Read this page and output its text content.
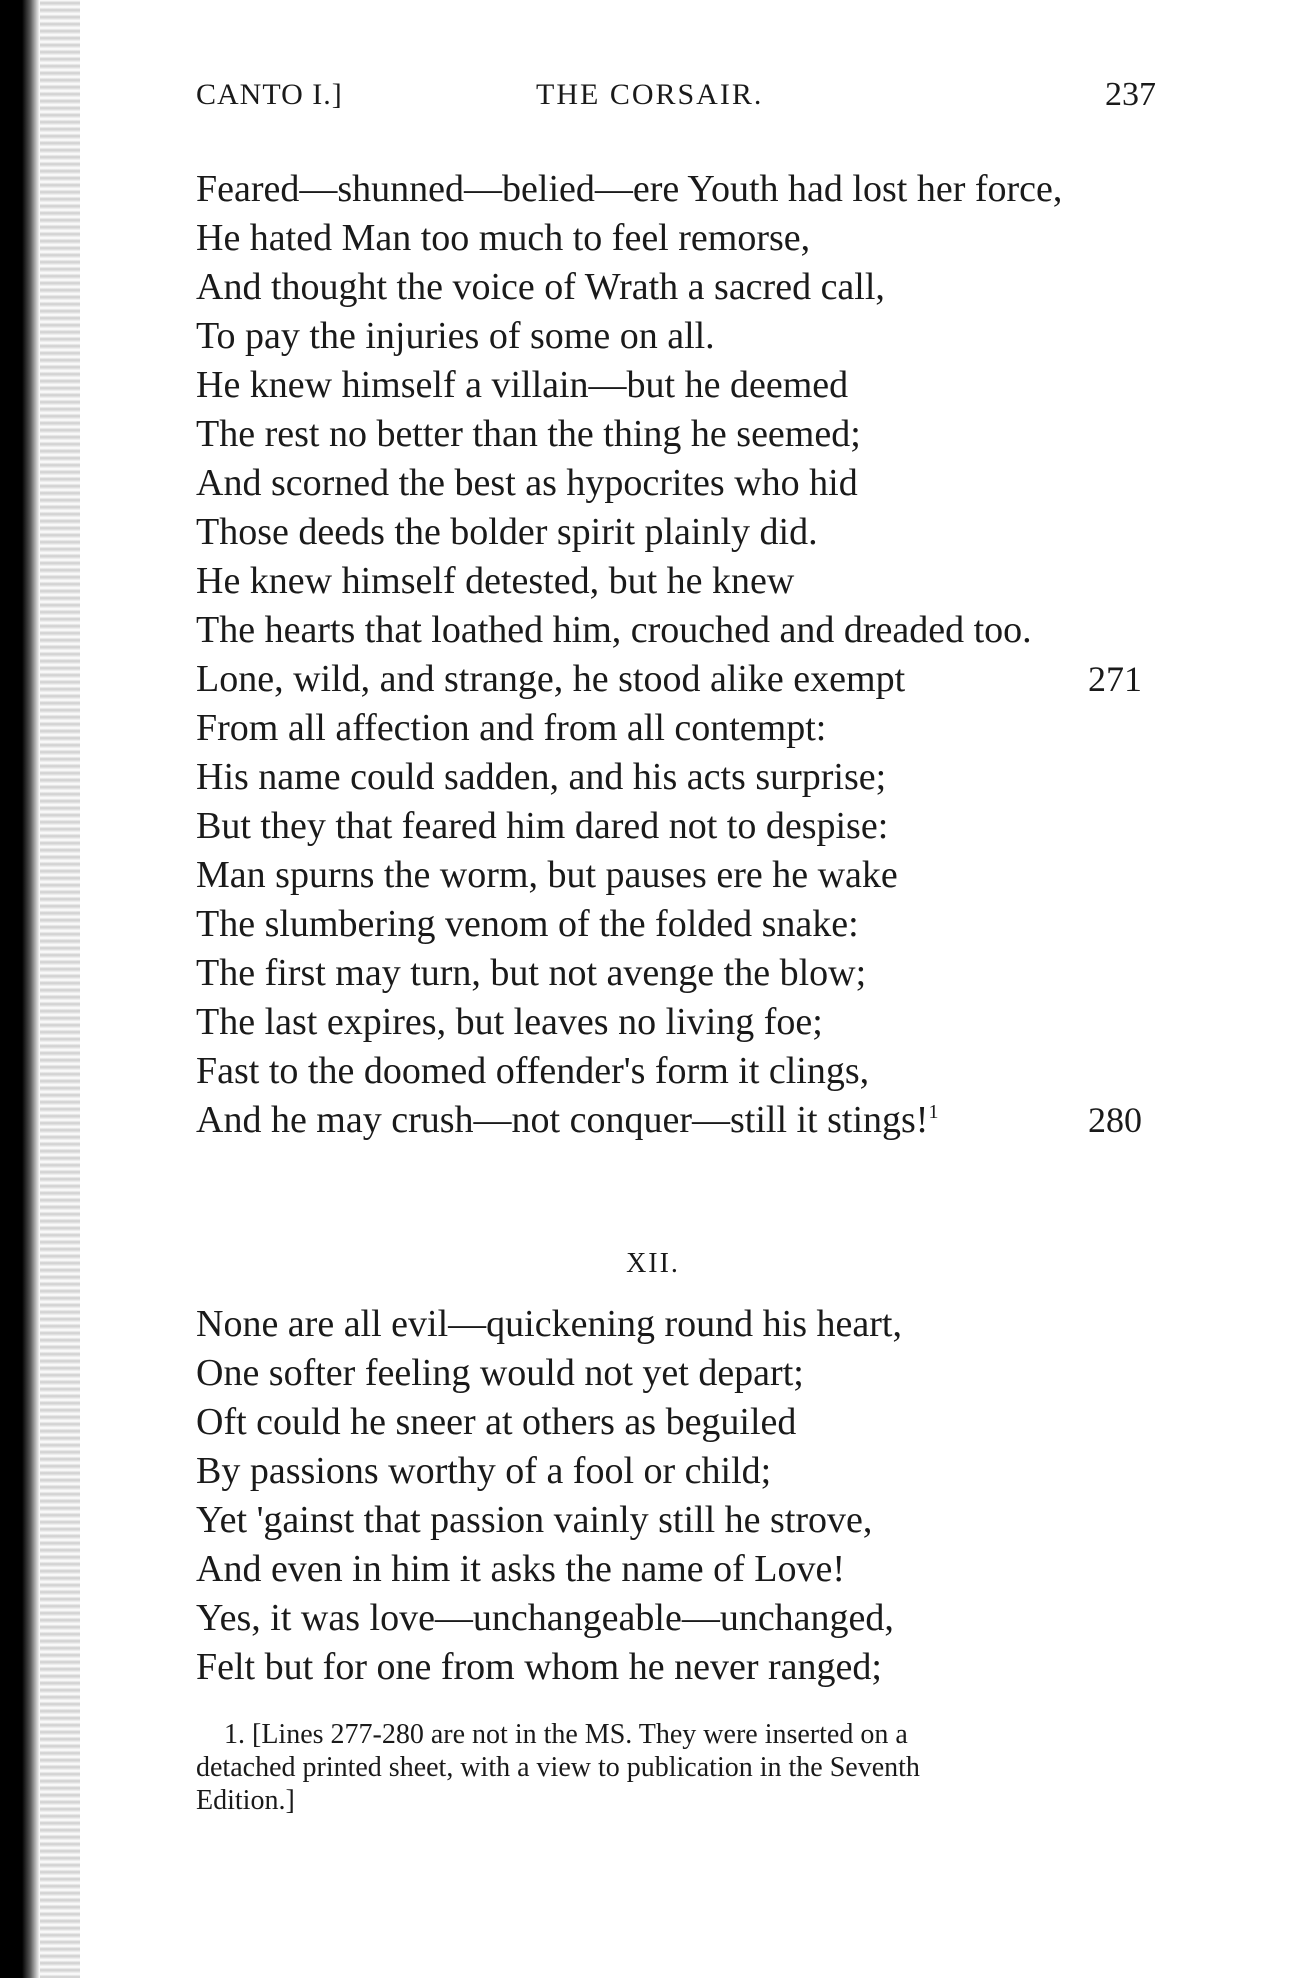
CANTO I.]	THE CORSAIR.	237
Feared—shunned—belied—ere Youth had lost her force,
He hated Man too much to feel remorse,
And thought the voice of Wrath a sacred call,
To pay the injuries of some on all.
He knew himself a villain—but he deemed
The rest no better than the thing he seemed;
And scorned the best as hypocrites who hid
Those deeds the bolder spirit plainly did.
He knew himself detested, but he knew
The hearts that loathed him, crouched and dreaded too.
Lone, wild, and strange, he stood alike exempt	271
From all affection and from all contempt:
His name could sadden, and his acts surprise;
But they that feared him dared not to despise:
Man spurns the worm, but pauses ere he wake
The slumbering venom of the folded snake:
The first may turn, but not avenge the blow;
The last expires, but leaves no living foe;
Fast to the doomed offender's form it clings,
And he may crush—not conquer—still it stings!$^1$	280
XII.
None are all evil—quickening round his heart,
One softer feeling would not yet depart;
Oft could he sneer at others as beguiled
By passions worthy of a fool or child;
Yet 'gainst that passion vainly still he strove,
And even in him it asks the name of Love!
Yes, it was love—unchangeable—unchanged,
Felt but for one from whom he never ranged;
1. [Lines 277-280 are not in the MS. They were inserted on a
detached printed sheet, with a view to publication in the Seventh
Edition.]
